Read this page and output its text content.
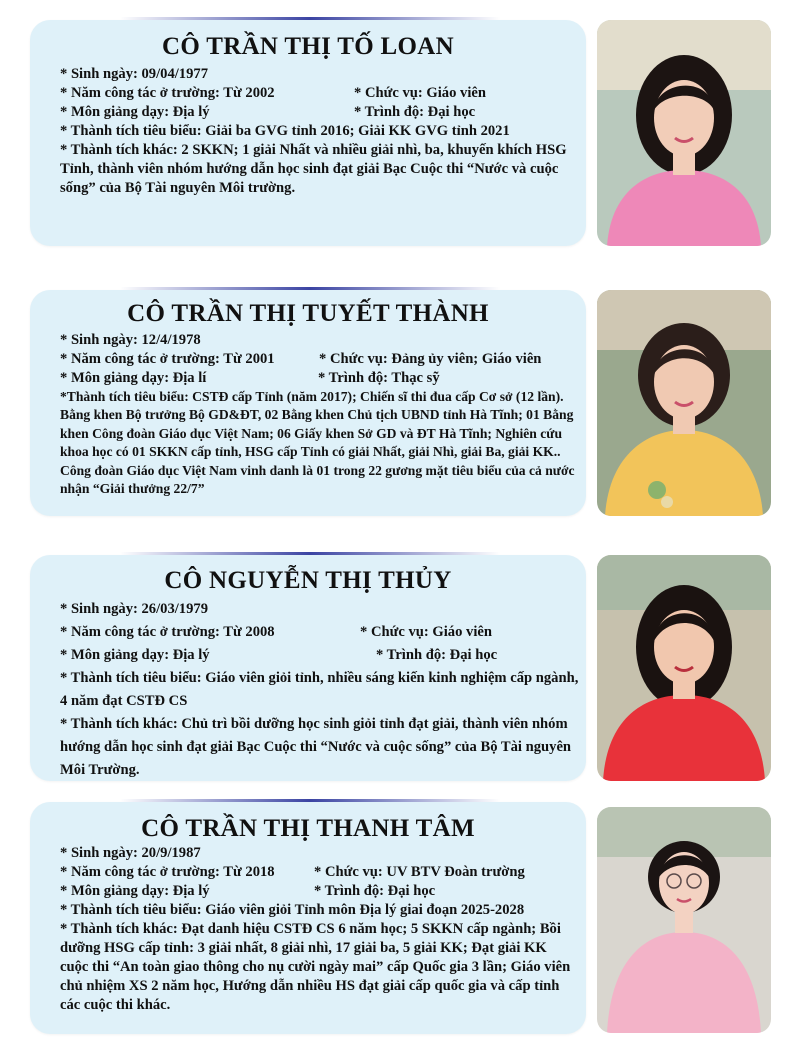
CÔ TRẦN THỊ TỐ LOAN

* Sinh ngày: 09/04/1977

* Năm công tác ở trường: Từ 2002	* Chức vụ: Giáo viên

* Môn giảng dạy: Địa lý	* Trình độ: Đại học

* Thành tích tiêu biểu: Giải ba GVG tỉnh 2016; Giải KK GVG tỉnh 2021

* Thành tích khác: 2 SKKN; 1 giải Nhất và nhiều giải nhì, ba, khuyến khích HSG Tỉnh, thành viên nhóm hướng dẫn học sinh đạt giải Bạc Cuộc thi “Nước và cuộc sống” của Bộ Tài nguyên Môi trường.

CÔ TRẦN THỊ TUYẾT THÀNH

* Sinh ngày: 12/4/1978

* Năm công tác ở trường: Từ 2001	* Chức vụ: Đảng ủy viên; Giáo viên

* Môn giảng dạy: Địa lí	* Trình độ: Thạc sỹ

*Thành tích tiêu biểu: CSTĐ cấp Tỉnh (năm 2017); Chiến sĩ thi đua cấp Cơ sở (12 lần). Bằng khen Bộ trưởng Bộ GD&ĐT, 02 Bằng khen Chủ tịch UBND tỉnh Hà Tĩnh; 01 Bằng khen Công đoàn Giáo dục Việt Nam; 06 Giấy khen Sở GD và ĐT Hà Tĩnh; Nghiên cứu khoa học có 01 SKKN cấp tỉnh, HSG cấp Tỉnh có giải Nhất, giải Nhì, giải Ba, giải KK.. Công đoàn Giáo dục Việt Nam vinh danh là 01 trong 22 gương mặt tiêu biểu của cả nước nhận “Giải thưởng 22/7”

CÔ NGUYỄN THỊ THỦY

* Sinh ngày: 26/03/1979

* Năm công tác ở trường: Từ 2008	* Chức vụ: Giáo viên

* Môn giảng dạy: Địa lý	* Trình độ: Đại học

* Thành tích tiêu biểu: Giáo viên giỏi tỉnh, nhiều sáng kiến kinh nghiệm cấp ngành, 4 năm đạt CSTĐ CS

* Thành tích khác: Chủ trì bồi dưỡng học sinh giỏi tỉnh đạt giải, thành viên nhóm hướng dẫn học sinh đạt giải Bạc Cuộc thi “Nước và cuộc sống” của Bộ Tài nguyên Môi Trường.

CÔ TRẦN THỊ THANH TÂM

* Sinh ngày: 20/9/1987

* Năm công tác ở trường: Từ 2018	* Chức vụ: UV BTV Đoàn trường

* Môn giảng dạy: Địa lý	* Trình độ: Đại học

* Thành tích tiêu biểu: Giáo viên giỏi Tỉnh môn Địa lý giai đoạn 2025-2028

* Thành tích khác: Đạt danh hiệu CSTĐ CS 6 năm học; 5 SKKN cấp ngành; Bồi dưỡng HSG cấp tỉnh: 3 giải nhất, 8 giải nhì, 17 giải ba, 5 giải KK; Đạt giải KK cuộc thi “An toàn giao thông cho nụ cười ngày mai” cấp Quốc gia 3 lần; Giáo viên chủ nhiệm XS 2 năm học, Hướng dẫn nhiều HS đạt giải cấp quốc gia và cấp tỉnh các cuộc thi khác.
